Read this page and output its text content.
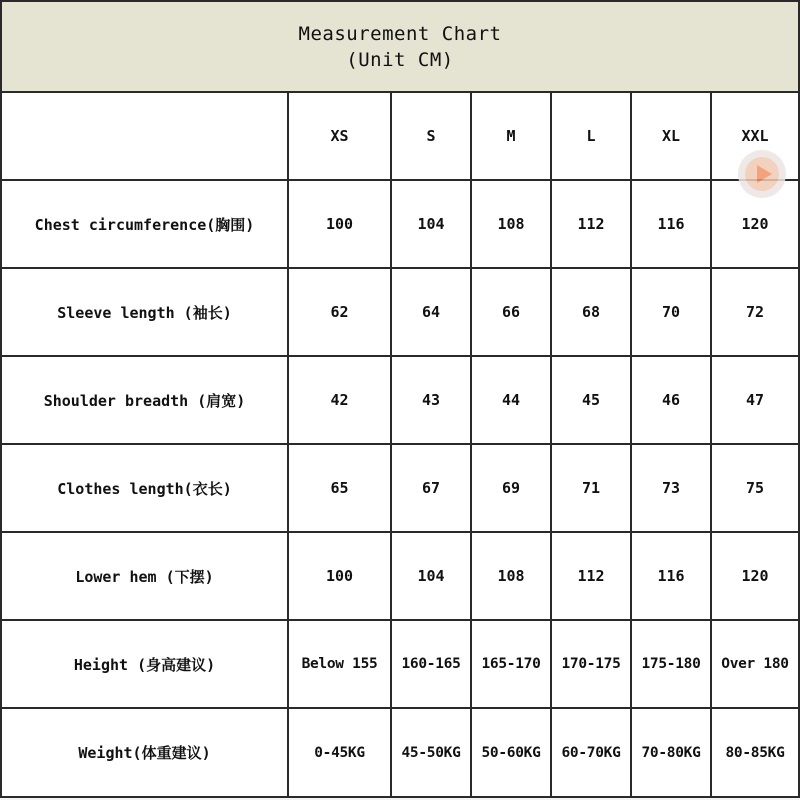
Measurement Chart
(Unit CM)						

	XS	S	M	L	XL	XXL
Chest circumference(胸围)	100	104	108	112	116	120
Sleeve length (袖长)	62	64	66	68	70	72
Shoulder breadth (肩宽)	42	43	44	45	46	47
Clothes length(衣长)	65	67	69	71	73	75
Lower hem (下摆)	100	104	108	112	116	120
Height (身高建议)	Below 155	160-165	165-170	170-175	175-180	Over 180
Weight(体重建议)	0-45KG	45-50KG	50-60KG	60-70KG	70-80KG	80-85KG
